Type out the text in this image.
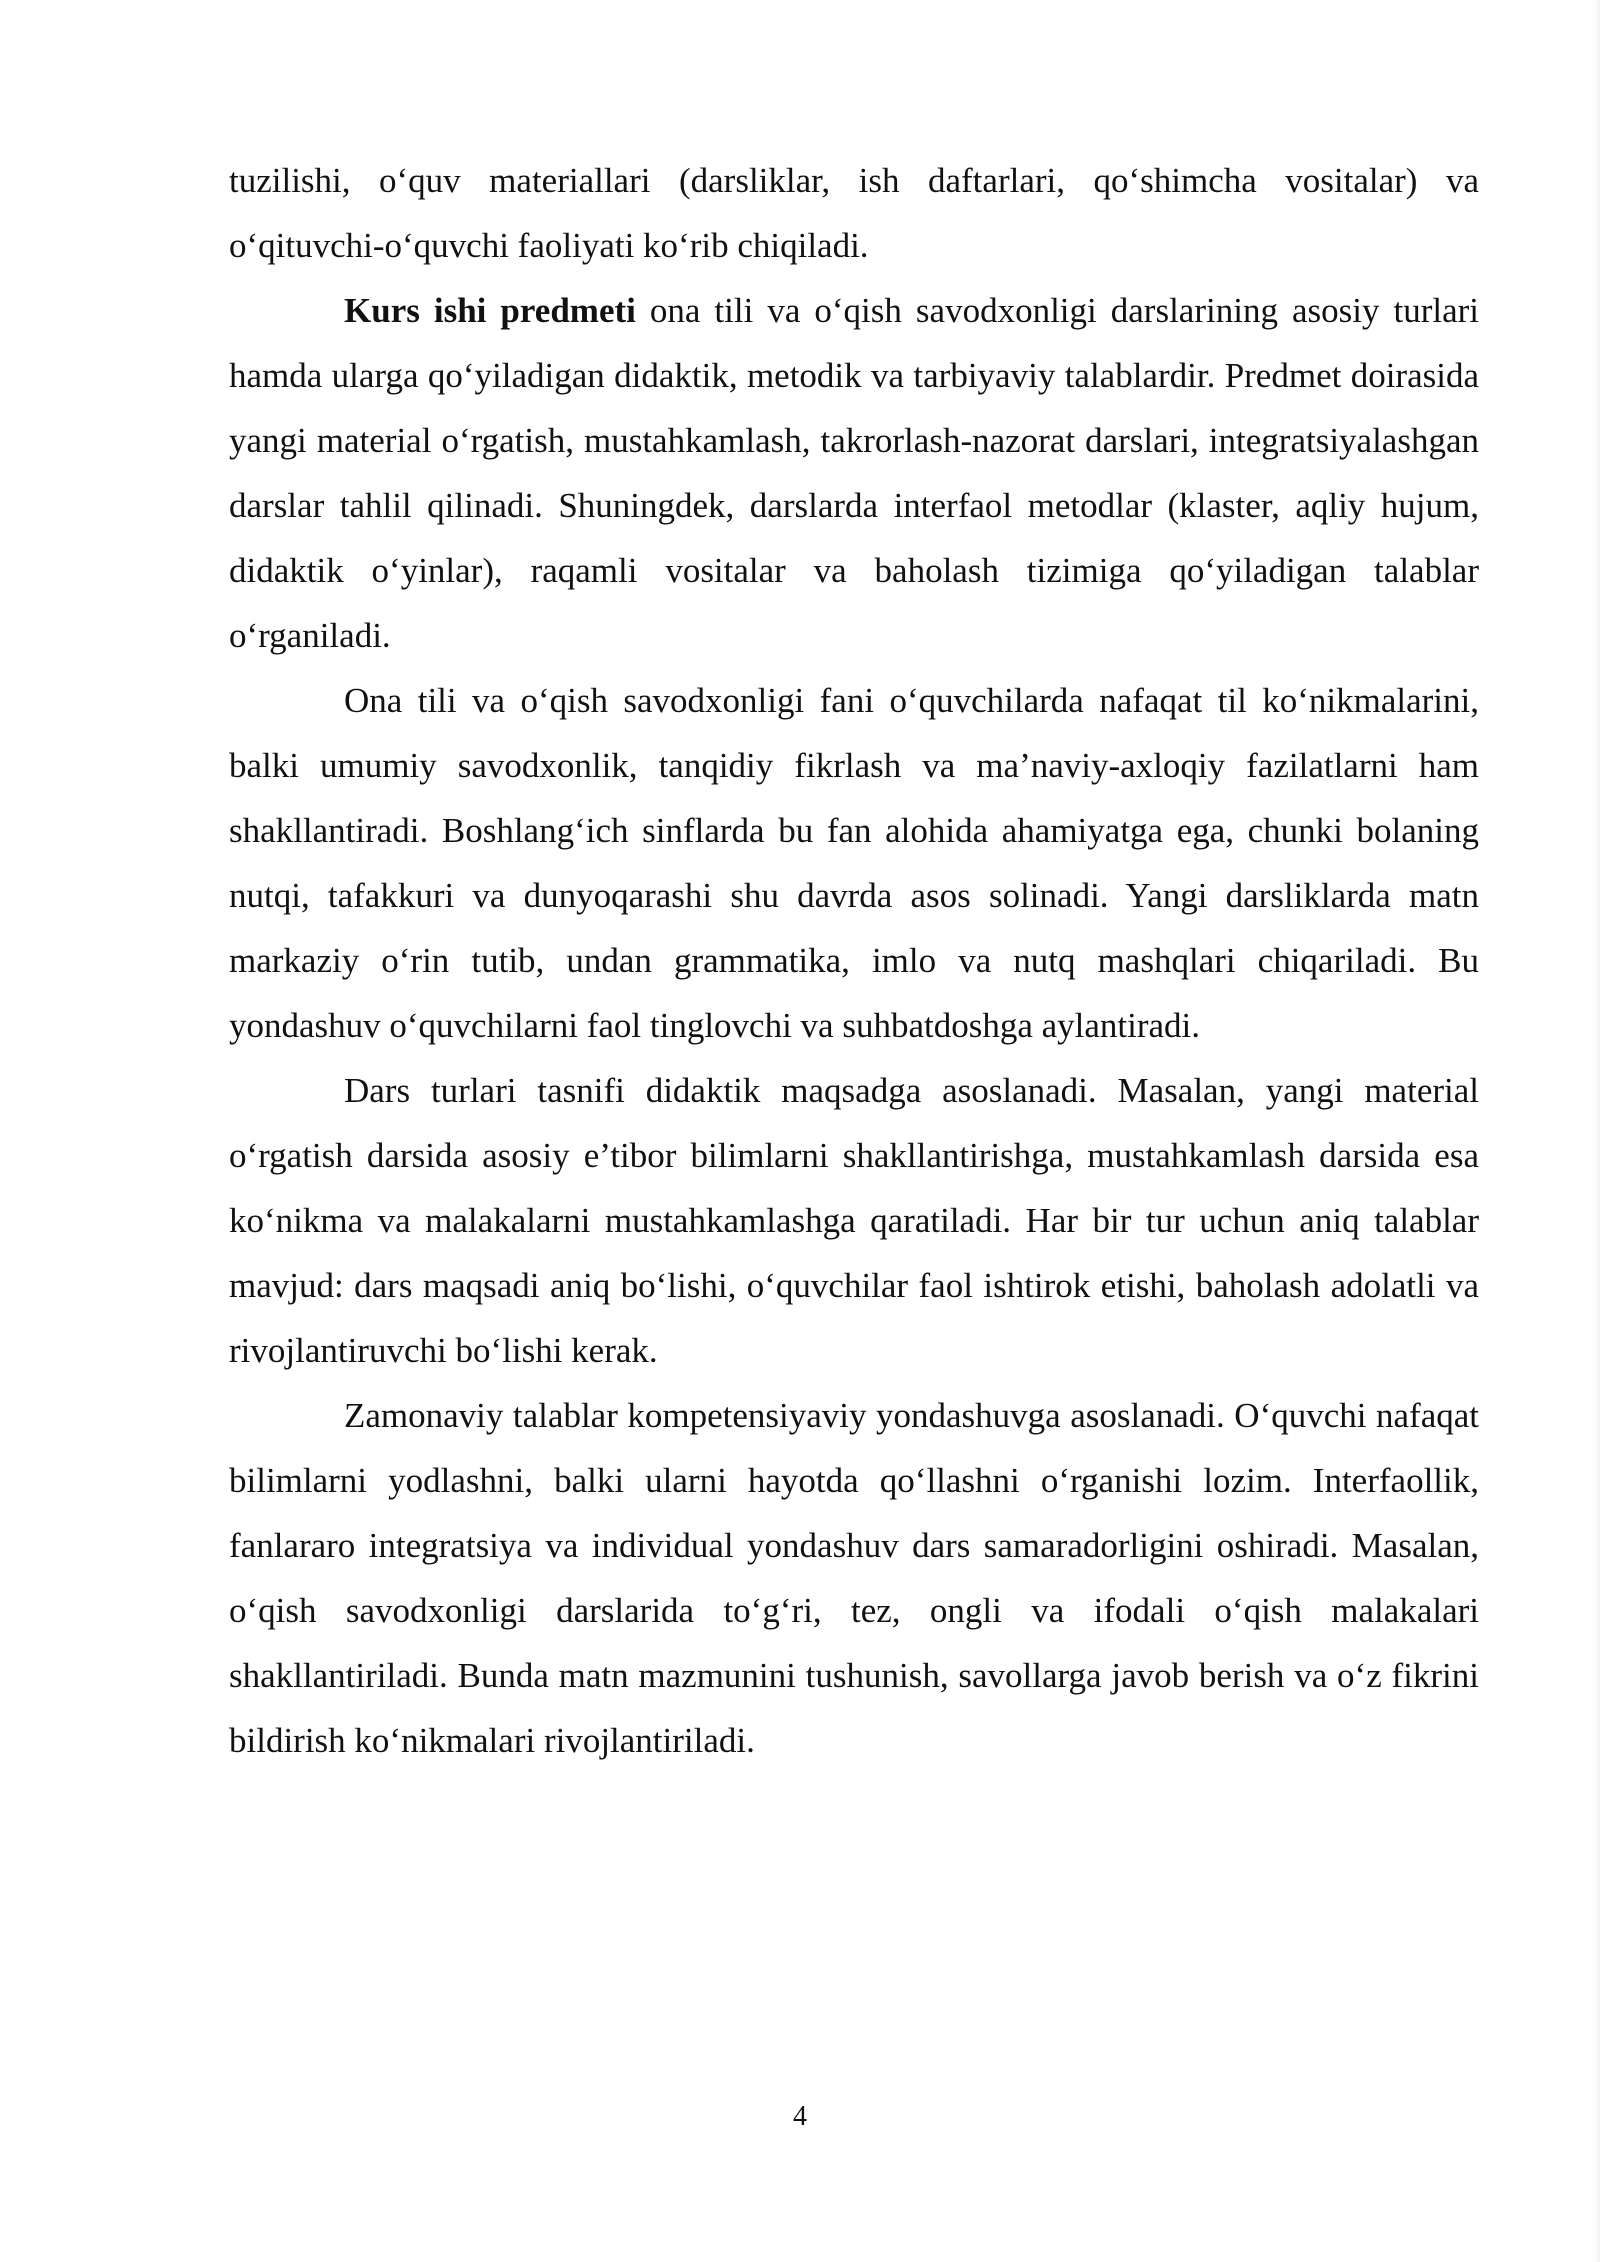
tuzilishi, o‘quv materiallari (darsliklar, ish daftarlari, qo‘shimcha vositalar) va o‘qituvchi-o‘quvchi faoliyati ko‘rib chiqiladi.

Kurs ishi predmeti ona tili va o‘qish savodxonligi darslarining asosiy turlari hamda ularga qo‘yiladigan didaktik, metodik va tarbiyaviy talablardir. Predmet doirasida yangi material o‘rgatish, mustahkamlash, takrorlash-nazorat darslari, integratsiyalashgan darslar tahlil qilinadi. Shuningdek, darslarda interfaol metodlar (klaster, aqliy hujum, didaktik o‘yinlar), raqamli vositalar va baholash tizimiga qo‘yiladigan talablar o‘rganiladi.

Ona tili va o‘qish savodxonligi fani o‘quvchilarda nafaqat til ko‘nikmalarini, balki umumiy savodxonlik, tanqidiy fikrlash va ma’naviy-axloqiy fazilatlarni ham shakllantiradi. Boshlang‘ich sinflarda bu fan alohida ahamiyatga ega, chunki bolaning nutqi, tafakkuri va dunyoqarashi shu davrda asos solinadi. Yangi darsliklarda matn markaziy o‘rin tutib, undan grammatika, imlo va nutq mashqlari chiqariladi. Bu yondashuv o‘quvchilarni faol tinglovchi va suhbatdoshga aylantiradi.

Dars turlari tasnifi didaktik maqsadga asoslanadi. Masalan, yangi material o‘rgatish darsida asosiy e’tibor bilimlarni shakllantirishga, mustahkamlash darsida esa ko‘nikma va malakalarni mustahkamlashga qaratiladi. Har bir tur uchun aniq talablar mavjud: dars maqsadi aniq bo‘lishi, o‘quvchilar faol ishtirok etishi, baholash adolatli va rivojlantiruvchi bo‘lishi kerak.

Zamonaviy talablar kompetensiyaviy yondashuvga asoslanadi. O‘quvchi nafaqat bilimlarni yodlashni, balki ularni hayotda qo‘llashni o‘rganishi lozim. Interfaollik, fanlararo integratsiya va individual yondashuv dars samaradorligini oshiradi. Masalan, o‘qish savodxonligi darslarida to‘g‘ri, tez, ongli va ifodali o‘qish malakalari shakllantiriladi. Bunda matn mazmunini tushunish, savollarga javob berish va o‘z fikrini bildirish ko‘nikmalari rivojlantiriladi.

4
